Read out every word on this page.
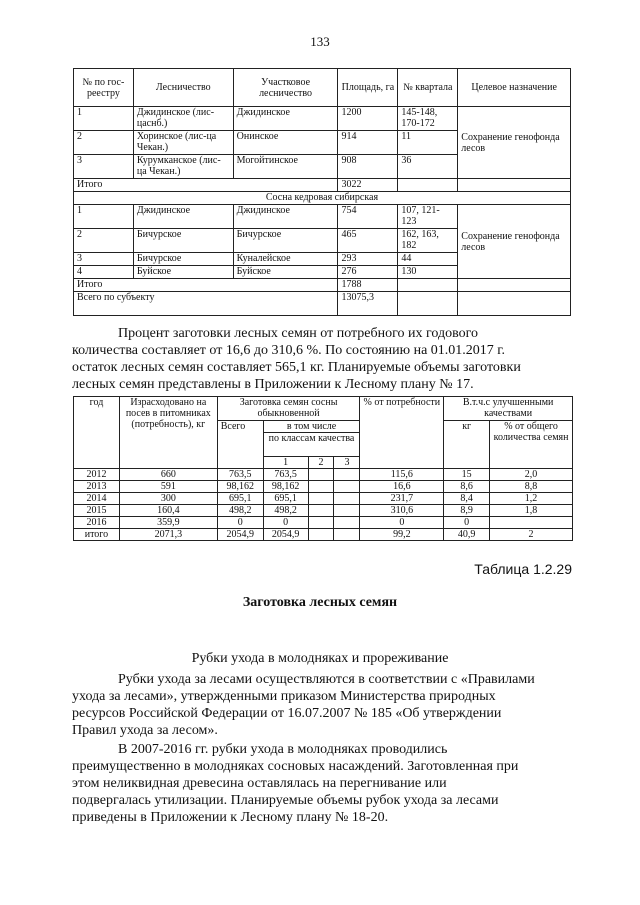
133
№ по гос-реестру	Лесничество	Участковое лесничество	Площадь, га	№ квартала	Целевое назначение
1	Джидинское (лис-цаснб.)	Джидинское	1200	145-148, 170-172	Сохранение генофонда лесов
2	Хоринское (лис-ца Чекан.)	Онинское	914	11	
3	Курумканское (лис-ца Чекан.)	Могойтинское	908	36	
Итого			3022		
Сосна кедровая сибирская					
1	Джидинское	Джидинское	754	107, 121-123	Сохранение генофонда лесов
2	Бичурское	Бичурское	465	162, 163, 182	
3	Бичурское	Куналейское	293	44	
4	Буйское	Буйское	276	130	
Итого			1788		
Всего по субъекту			13075,3		
Процент заготовки лесных семян от потребного их годового
количества составляет от 16,6 до 310,6 %. По состоянию на 01.01.2017 г.
остаток лесных семян составляет 565,1 кг. Планируемые объемы заготовки
лесных семян представлены в Приложении к Лесному плану № 17.
год	Израсходовано на посев в питомниках (потребность), кг	Заготовка семян сосны обыкновенной				% от потребности	В.т.ч.с улучшенными качествами	
		Всего	в том числе				кг	% от общего количества семян
			по классам качества					
			1	2	3			
2012	660	763,5	763,5			115,6	15	2,0
2013	591	98,162	98,162			16,6	8,6	8,8
2014	300	695,1	695,1			231,7	8,4	1,2
2015	160,4	498,2	498,2			310,6	8,9	1,8
2016	359,9	0	0			0	0	
итого	2071,3	2054,9	2054,9			99,2	40,9	2
Таблица 1.2.29
Заготовка лесных семян
Рубки ухода в молодняках и прореживание
Рубки ухода за лесами осуществляются в соответствии с «Правилами
ухода за лесами», утвержденными приказом Министерства природных
ресурсов Российской Федерации от 16.07.2007 № 185 «Об утверждении
Правил ухода за лесом».
В 2007-2016 гг. рубки ухода в молодняках проводились
преимущественно в молодняках сосновых насаждений. Заготовленная при
этом неликвидная древесина оставлялась на перегнивание или
подвергалась утилизации. Планируемые объемы рубок ухода за лесами
приведены в Приложении к Лесному плану № 18-20.
